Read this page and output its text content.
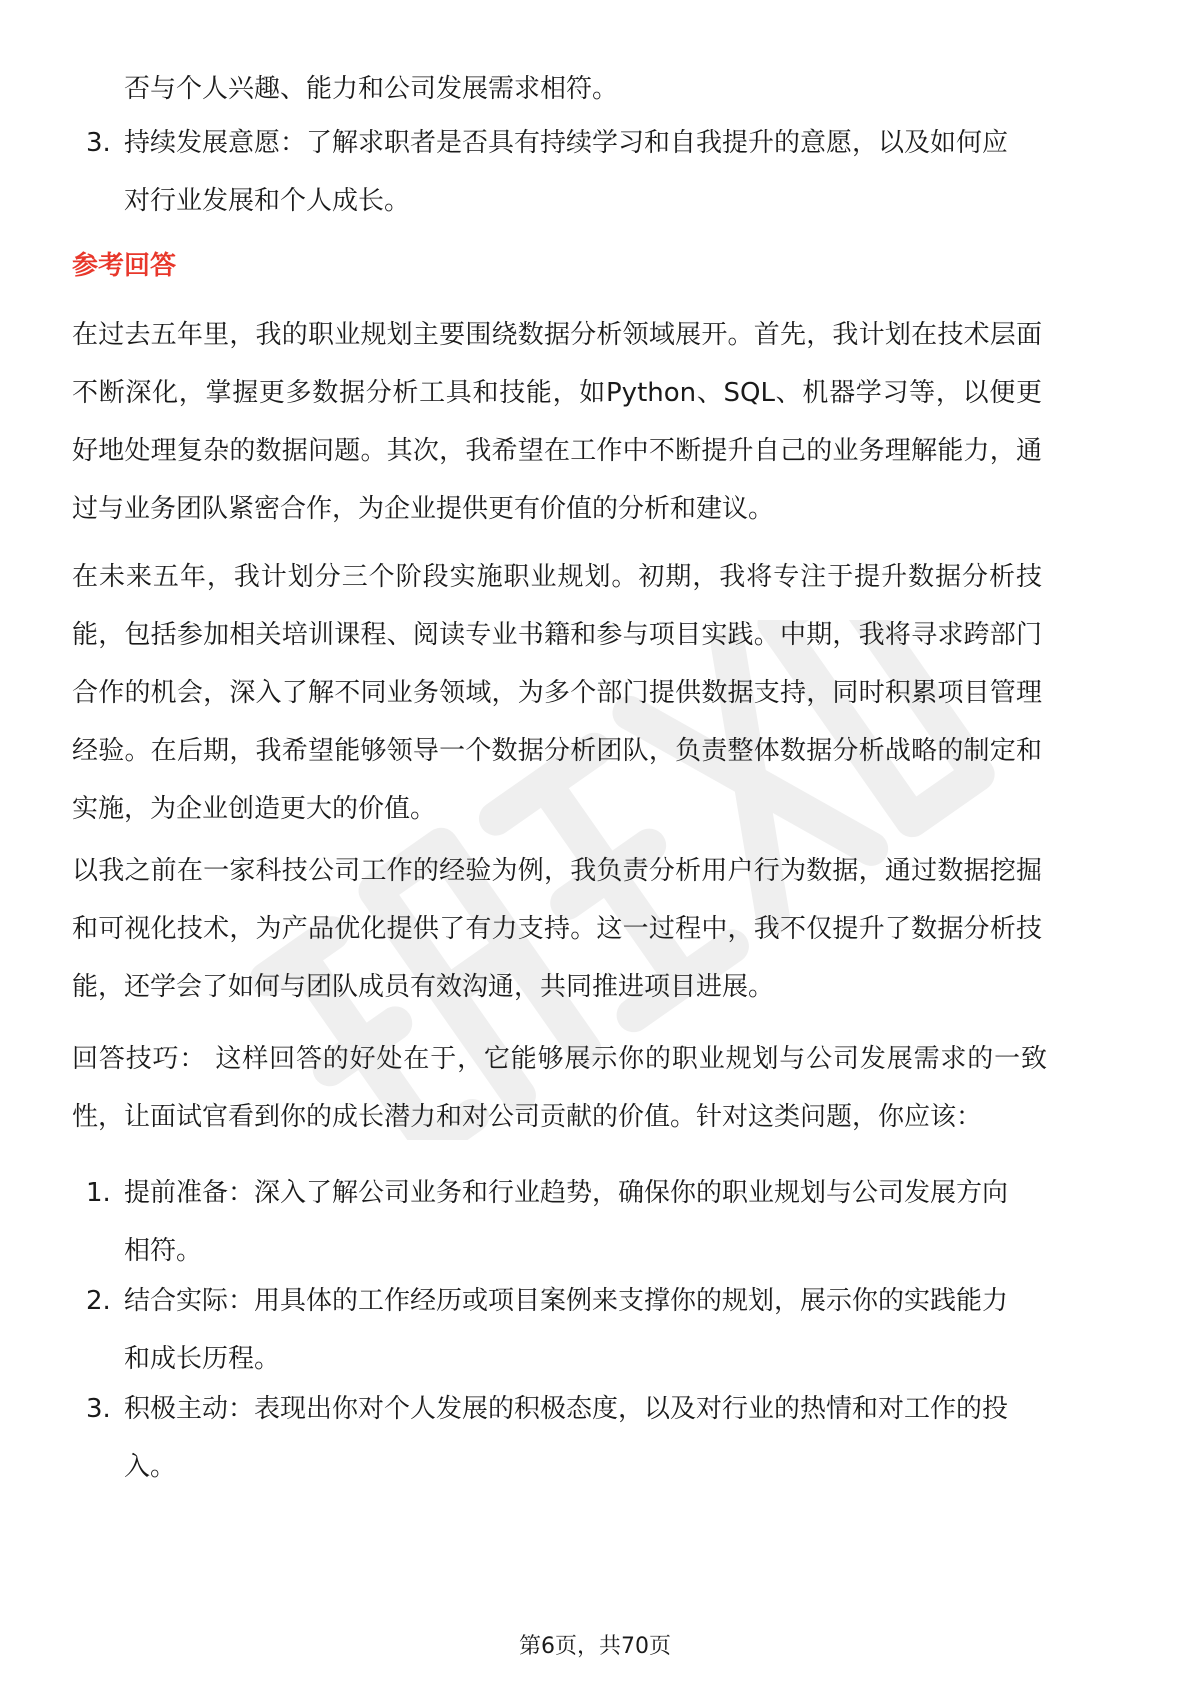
否与个人兴趣、能力和公司发展需求相符。
3. 持续发展意愿：了解求职者是否具有持续学习和自我提升的意愿，以及如何应
对行业发展和个人成长。
参考回答

在过去五年里，我的职业规划主要围绕数据分析领域展开。首先，我计划在技术层面不断深化，掌握更多数据分析工具和技能，如Python、SQL、机器学习等，以便更好地处理复杂的数据问题。其次，我希望在工作中不断提升自己的业务理解能力，通过与业务团队紧密合作，为企业提供更有价值的分析和建议。

在未来五年，我计划分三个阶段实施职业规划。初期，我将专注于提升数据分析技能，包括参加相关培训课程、阅读专业书籍和参与项目实践。中期，我将寻求跨部门合作的机会，深入了解不同业务领域，为多个部门提供数据支持，同时积累项目管理经验。在后期，我希望能够领导一个数据分析团队，负责整体数据分析战略的制定和实施，为企业创造更大的价值。

以我之前在一家科技公司工作的经验为例，我负责分析用户行为数据，通过数据挖掘和可视化技术，为产品优化提供了有力支持。这一过程中，我不仅提升了数据分析技能，还学会了如何与团队成员有效沟通，共同推进项目进展。

回答技巧： 这样回答的好处在于，它能够展示你的职业规划与公司发展需求的一致性，让面试官看到你的成长潜力和对公司贡献的价值。针对这类问题，你应该：

1. 提前准备：深入了解公司业务和行业趋势，确保你的职业规划与公司发展方向
相符。
2. 结合实际：用具体的工作经历或项目案例来支撑你的规划，展示你的实践能力
和成长历程。
3. 积极主动：表现出你对个人发展的积极态度，以及对行业的热情和对工作的投
入。
第6页，共70页
